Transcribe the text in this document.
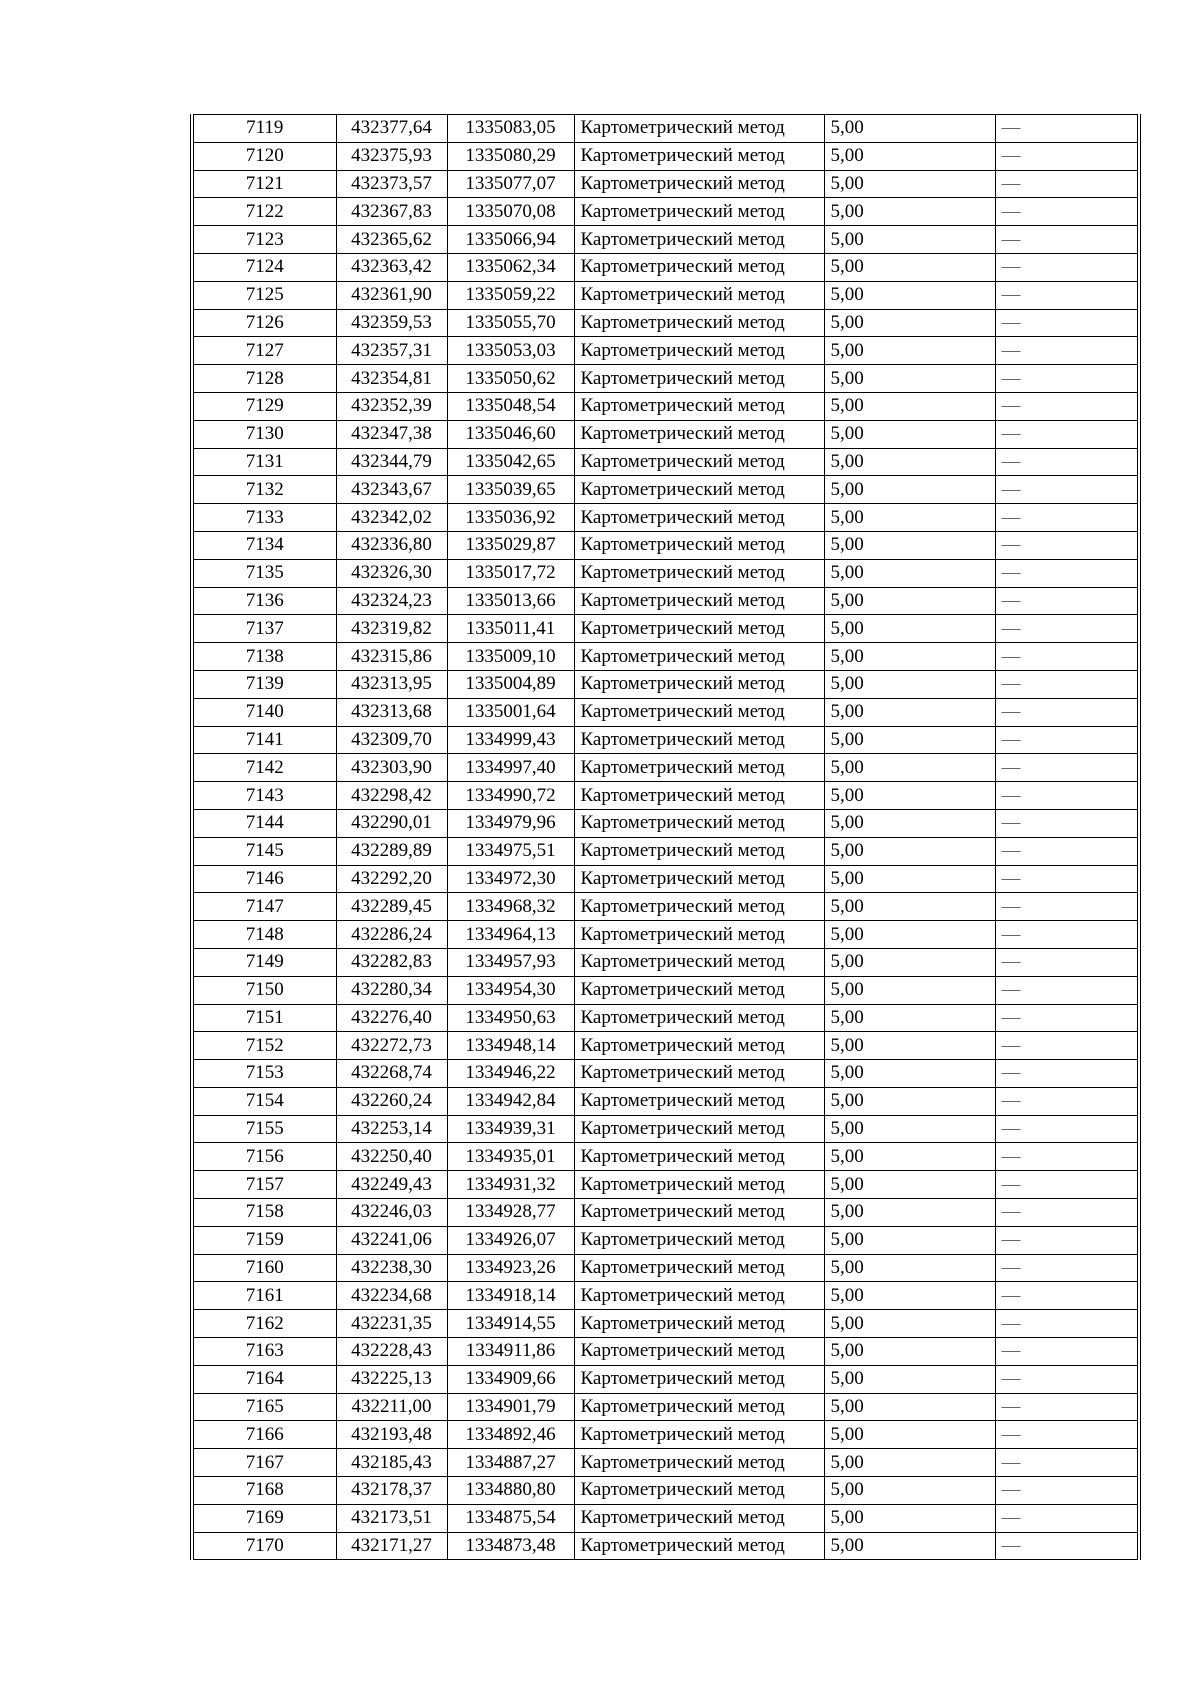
7119	432377,64	1335083,05	Картометрический метод	5,00	—
7120	432375,93	1335080,29	Картометрический метод	5,00	—
7121	432373,57	1335077,07	Картометрический метод	5,00	—
7122	432367,83	1335070,08	Картометрический метод	5,00	—
7123	432365,62	1335066,94	Картометрический метод	5,00	—
7124	432363,42	1335062,34	Картометрический метод	5,00	—
7125	432361,90	1335059,22	Картометрический метод	5,00	—
7126	432359,53	1335055,70	Картометрический метод	5,00	—
7127	432357,31	1335053,03	Картометрический метод	5,00	—
7128	432354,81	1335050,62	Картометрический метод	5,00	—
7129	432352,39	1335048,54	Картометрический метод	5,00	—
7130	432347,38	1335046,60	Картометрический метод	5,00	—
7131	432344,79	1335042,65	Картометрический метод	5,00	—
7132	432343,67	1335039,65	Картометрический метод	5,00	—
7133	432342,02	1335036,92	Картометрический метод	5,00	—
7134	432336,80	1335029,87	Картометрический метод	5,00	—
7135	432326,30	1335017,72	Картометрический метод	5,00	—
7136	432324,23	1335013,66	Картометрический метод	5,00	—
7137	432319,82	1335011,41	Картометрический метод	5,00	—
7138	432315,86	1335009,10	Картометрический метод	5,00	—
7139	432313,95	1335004,89	Картометрический метод	5,00	—
7140	432313,68	1335001,64	Картометрический метод	5,00	—
7141	432309,70	1334999,43	Картометрический метод	5,00	—
7142	432303,90	1334997,40	Картометрический метод	5,00	—
7143	432298,42	1334990,72	Картометрический метод	5,00	—
7144	432290,01	1334979,96	Картометрический метод	5,00	—
7145	432289,89	1334975,51	Картометрический метод	5,00	—
7146	432292,20	1334972,30	Картометрический метод	5,00	—
7147	432289,45	1334968,32	Картометрический метод	5,00	—
7148	432286,24	1334964,13	Картометрический метод	5,00	—
7149	432282,83	1334957,93	Картометрический метод	5,00	—
7150	432280,34	1334954,30	Картометрический метод	5,00	—
7151	432276,40	1334950,63	Картометрический метод	5,00	—
7152	432272,73	1334948,14	Картометрический метод	5,00	—
7153	432268,74	1334946,22	Картометрический метод	5,00	—
7154	432260,24	1334942,84	Картометрический метод	5,00	—
7155	432253,14	1334939,31	Картометрический метод	5,00	—
7156	432250,40	1334935,01	Картометрический метод	5,00	—
7157	432249,43	1334931,32	Картометрический метод	5,00	—
7158	432246,03	1334928,77	Картометрический метод	5,00	—
7159	432241,06	1334926,07	Картометрический метод	5,00	—
7160	432238,30	1334923,26	Картометрический метод	5,00	—
7161	432234,68	1334918,14	Картометрический метод	5,00	—
7162	432231,35	1334914,55	Картометрический метод	5,00	—
7163	432228,43	1334911,86	Картометрический метод	5,00	—
7164	432225,13	1334909,66	Картометрический метод	5,00	—
7165	432211,00	1334901,79	Картометрический метод	5,00	—
7166	432193,48	1334892,46	Картометрический метод	5,00	—
7167	432185,43	1334887,27	Картометрический метод	5,00	—
7168	432178,37	1334880,80	Картометрический метод	5,00	—
7169	432173,51	1334875,54	Картометрический метод	5,00	—
7170	432171,27	1334873,48	Картометрический метод	5,00	—
